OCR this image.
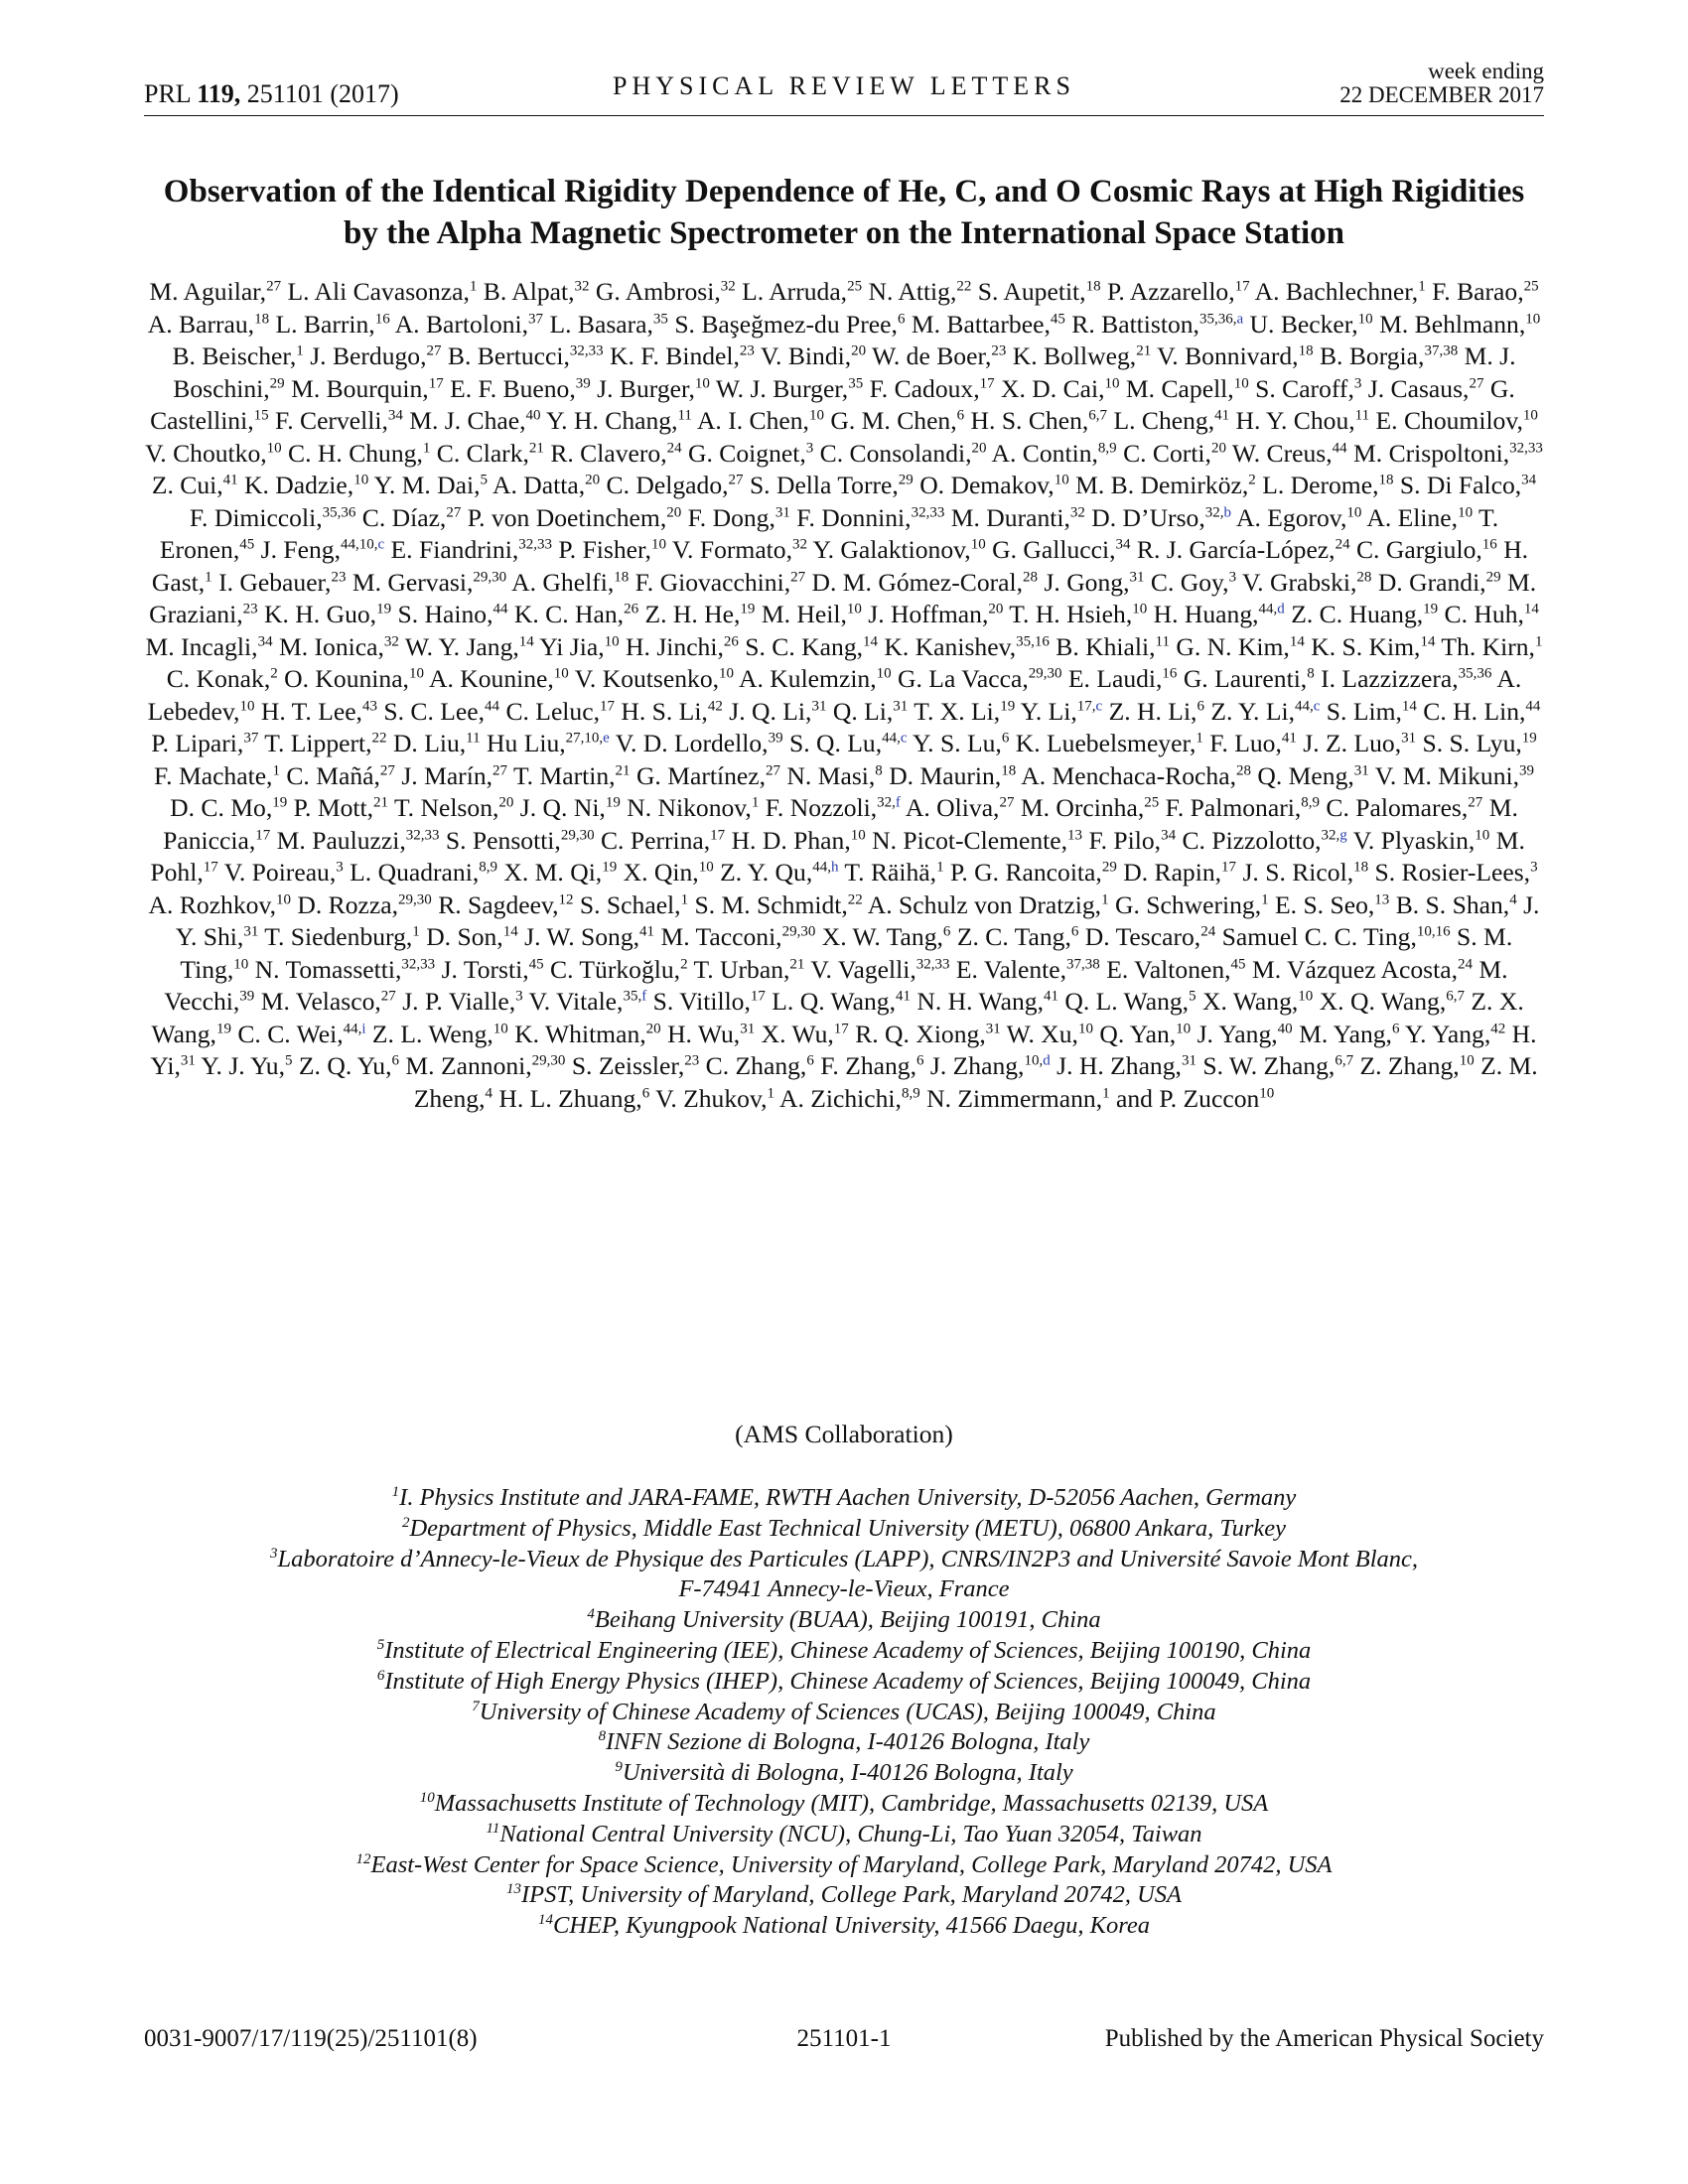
PRL 119, 251101 (2017)	PHYSICAL REVIEW LETTERS
week ending
22 DECEMBER 2017
Observation of the Identical Rigidity Dependence of He, C, and O Cosmic Rays at High Rigidities by the Alpha Magnetic Spectrometer on the International Space Station
M. Aguilar,$^{27}$ L. Ali Cavasonza,$^1$ B. Alpat,$^{32}$ G. Ambrosi,$^{32}$ L. Arruda,$^{25}$ N. Attig,$^{22}$ S. Aupetit,$^{18}$ P. Azzarello,$^{17}$ A. Bachlechner,$^1$ F. Barao,$^{25}$ A. Barrau,$^{18}$ L. Barrin,$^{16}$ A. Bartoloni,$^{37}$ L. Basara,$^{35}$ S. Başeğmez-du Pree,$^6$ M. Battarbee,$^{45}$ R. Battiston,$^{35,36,a}$ U. Becker,$^{10}$ M. Behlmann,$^{10}$ B. Beischer,$^1$ J. Berdugo,$^{27}$ B. Bertucci,$^{32,33}$ K. F. Bindel,$^{23}$ V. Bindi,$^{20}$ W. de Boer,$^{23}$ K. Bollweg,$^{21}$ V. Bonnivard,$^{18}$ B. Borgia,$^{37,38}$ M. J. Boschini,$^{29}$ M. Bourquin,$^{17}$ E. F. Bueno,$^{39}$ J. Burger,$^{10}$ W. J. Burger,$^{35}$ F. Cadoux,$^{17}$ X. D. Cai,$^{10}$ M. Capell,$^{10}$ S. Caroff,$^3$ J. Casaus,$^{27}$ G. Castellini,$^{15}$ F. Cervelli,$^{34}$ M. J. Chae,$^{40}$ Y. H. Chang,$^{11}$ A. I. Chen,$^{10}$ G. M. Chen,$^6$ H. S. Chen,$^{6,7}$ L. Cheng,$^{41}$ H. Y. Chou,$^{11}$ E. Choumilov,$^{10}$ V. Choutko,$^{10}$ C. H. Chung,$^1$ C. Clark,$^{21}$ R. Clavero,$^{24}$ G. Coignet,$^3$ C. Consolandi,$^{20}$ A. Contin,$^{8,9}$ C. Corti,$^{20}$ W. Creus,$^{44}$ M. Crispoltoni,$^{32,33}$ Z. Cui,$^{41}$ K. Dadzie,$^{10}$ Y. M. Dai,$^5$ A. Datta,$^{20}$ C. Delgado,$^{27}$ S. Della Torre,$^{29}$ O. Demakov,$^{10}$ M. B. Demirköz,$^2$ L. Derome,$^{18}$ S. Di Falco,$^{34}$ F. Dimiccoli,$^{35,36}$ C. Díaz,$^{27}$ P. von Doetinchem,$^{20}$ F. Dong,$^{31}$ F. Donnini,$^{32,33}$ M. Duranti,$^{32}$ D. D’Urso,$^{32,b}$ A. Egorov,$^{10}$ A. Eline,$^{10}$ T. Eronen,$^{45}$ J. Feng,$^{44,10,c}$ E. Fiandrini,$^{32,33}$ P. Fisher,$^{10}$ V. Formato,$^{32}$ Y. Galaktionov,$^{10}$ G. Gallucci,$^{34}$ R. J. García-López,$^{24}$ C. Gargiulo,$^{16}$ H. Gast,$^1$ I. Gebauer,$^{23}$ M. Gervasi,$^{29,30}$ A. Ghelfi,$^{18}$ F. Giovacchini,$^{27}$ D. M. Gómez-Coral,$^{28}$ J. Gong,$^{31}$ C. Goy,$^3$ V. Grabski,$^{28}$ D. Grandi,$^{29}$ M. Graziani,$^{23}$ K. H. Guo,$^{19}$ S. Haino,$^{44}$ K. C. Han,$^{26}$ Z. H. He,$^{19}$ M. Heil,$^{10}$ J. Hoffman,$^{20}$ T. H. Hsieh,$^{10}$ H. Huang,$^{44,d}$ Z. C. Huang,$^{19}$ C. Huh,$^{14}$ M. Incagli,$^{34}$ M. Ionica,$^{32}$ W. Y. Jang,$^{14}$ Yi Jia,$^{10}$ H. Jinchi,$^{26}$ S. C. Kang,$^{14}$ K. Kanishev,$^{35,16}$ B. Khiali,$^{11}$ G. N. Kim,$^{14}$ K. S. Kim,$^{14}$ Th. Kirn,$^1$ C. Konak,$^2$ O. Kounina,$^{10}$ A. Kounine,$^{10}$ V. Koutsenko,$^{10}$ A. Kulemzin,$^{10}$ G. La Vacca,$^{29,30}$ E. Laudi,$^{16}$ G. Laurenti,$^8$ I. Lazzizzera,$^{35,36}$ A. Lebedev,$^{10}$ H. T. Lee,$^{43}$ S. C. Lee,$^{44}$ C. Leluc,$^{17}$ H. S. Li,$^{42}$ J. Q. Li,$^{31}$ Q. Li,$^{31}$ T. X. Li,$^{19}$ Y. Li,$^{17,c}$ Z. H. Li,$^6$ Z. Y. Li,$^{44,c}$ S. Lim,$^{14}$ C. H. Lin,$^{44}$ P. Lipari,$^{37}$ T. Lippert,$^{22}$ D. Liu,$^{11}$ Hu Liu,$^{27,10,e}$ V. D. Lordello,$^{39}$ S. Q. Lu,$^{44,c}$ Y. S. Lu,$^6$ K. Luebelsmeyer,$^1$ F. Luo,$^{41}$ J. Z. Luo,$^{31}$ S. S. Lyu,$^{19}$ F. Machate,$^1$ C. Mañá,$^{27}$ J. Marín,$^{27}$ T. Martin,$^{21}$ G. Martínez,$^{27}$ N. Masi,$^8$ D. Maurin,$^{18}$ A. Menchaca-Rocha,$^{28}$ Q. Meng,$^{31}$ V. M. Mikuni,$^{39}$ D. C. Mo,$^{19}$ P. Mott,$^{21}$ T. Nelson,$^{20}$ J. Q. Ni,$^{19}$ N. Nikonov,$^1$ F. Nozzoli,$^{32,f}$ A. Oliva,$^{27}$ M. Orcinha,$^{25}$ F. Palmonari,$^{8,9}$ C. Palomares,$^{27}$ M. Paniccia,$^{17}$ M. Pauluzzi,$^{32,33}$ S. Pensotti,$^{29,30}$ C. Perrina,$^{17}$ H. D. Phan,$^{10}$ N. Picot-Clemente,$^{13}$ F. Pilo,$^{34}$ C. Pizzolotto,$^{32,g}$ V. Plyaskin,$^{10}$ M. Pohl,$^{17}$ V. Poireau,$^3$ L. Quadrani,$^{8,9}$ X. M. Qi,$^{19}$ X. Qin,$^{10}$ Z. Y. Qu,$^{44,h}$ T. Räihä,$^1$ P. G. Rancoita,$^{29}$ D. Rapin,$^{17}$ J. S. Ricol,$^{18}$ S. Rosier-Lees,$^3$ A. Rozhkov,$^{10}$ D. Rozza,$^{29,30}$ R. Sagdeev,$^{12}$ S. Schael,$^1$ S. M. Schmidt,$^{22}$ A. Schulz von Dratzig,$^1$ G. Schwering,$^1$ E. S. Seo,$^{13}$ B. S. Shan,$^4$ J. Y. Shi,$^{31}$ T. Siedenburg,$^1$ D. Son,$^{14}$ J. W. Song,$^{41}$ M. Tacconi,$^{29,30}$ X. W. Tang,$^6$ Z. C. Tang,$^6$ D. Tescaro,$^{24}$ Samuel C. C. Ting,$^{10,16}$ S. M. Ting,$^{10}$ N. Tomassetti,$^{32,33}$ J. Torsti,$^{45}$ C. Türkoğlu,$^2$ T. Urban,$^{21}$ V. Vagelli,$^{32,33}$ E. Valente,$^{37,38}$ E. Valtonen,$^{45}$ M. Vázquez Acosta,$^{24}$ M. Vecchi,$^{39}$ M. Velasco,$^{27}$ J. P. Vialle,$^3$ V. Vitale,$^{35,f}$ S. Vitillo,$^{17}$ L. Q. Wang,$^{41}$ N. H. Wang,$^{41}$ Q. L. Wang,$^5$ X. Wang,$^{10}$ X. Q. Wang,$^{6,7}$ Z. X. Wang,$^{19}$ C. C. Wei,$^{44,i}$ Z. L. Weng,$^{10}$ K. Whitman,$^{20}$ H. Wu,$^{31}$ X. Wu,$^{17}$ R. Q. Xiong,$^{31}$ W. Xu,$^{10}$ Q. Yan,$^{10}$ J. Yang,$^{40}$ M. Yang,$^6$ Y. Yang,$^{42}$ H. Yi,$^{31}$ Y. J. Yu,$^5$ Z. Q. Yu,$^6$ M. Zannoni,$^{29,30}$ S. Zeissler,$^{23}$ C. Zhang,$^6$ F. Zhang,$^6$ J. Zhang,$^{10,d}$ J. H. Zhang,$^{31}$ S. W. Zhang,$^{6,7}$ Z. Zhang,$^{10}$ Z. M. Zheng,$^4$ H. L. Zhuang,$^6$ V. Zhukov,$^1$ A. Zichichi,$^{8,9}$ N. Zimmermann,$^1$ and P. Zuccon$^{10}$
(AMS Collaboration)
$^1$I. Physics Institute and JARA-FAME, RWTH Aachen University, D-52056 Aachen, Germany
$^2$Department of Physics, Middle East Technical University (METU), 06800 Ankara, Turkey
$^3$Laboratoire d’Annecy-le-Vieux de Physique des Particules (LAPP), CNRS/IN2P3 and Université Savoie Mont Blanc,
F-74941 Annecy-le-Vieux, France
$^4$Beihang University (BUAA), Beijing 100191, China
$^5$Institute of Electrical Engineering (IEE), Chinese Academy of Sciences, Beijing 100190, China
$^6$Institute of High Energy Physics (IHEP), Chinese Academy of Sciences, Beijing 100049, China
$^7$University of Chinese Academy of Sciences (UCAS), Beijing 100049, China
$^8$INFN Sezione di Bologna, I-40126 Bologna, Italy
$^9$Università di Bologna, I-40126 Bologna, Italy
$^{10}$Massachusetts Institute of Technology (MIT), Cambridge, Massachusetts 02139, USA
$^{11}$National Central University (NCU), Chung-Li, Tao Yuan 32054, Taiwan
$^{12}$East-West Center for Space Science, University of Maryland, College Park, Maryland 20742, USA
$^{13}$IPST, University of Maryland, College Park, Maryland 20742, USA
$^{14}$CHEP, Kyungpook National University, 41566 Daegu, Korea
0031-9007/17/119(25)/251101(8)	251101-1	Published by the American Physical Society
